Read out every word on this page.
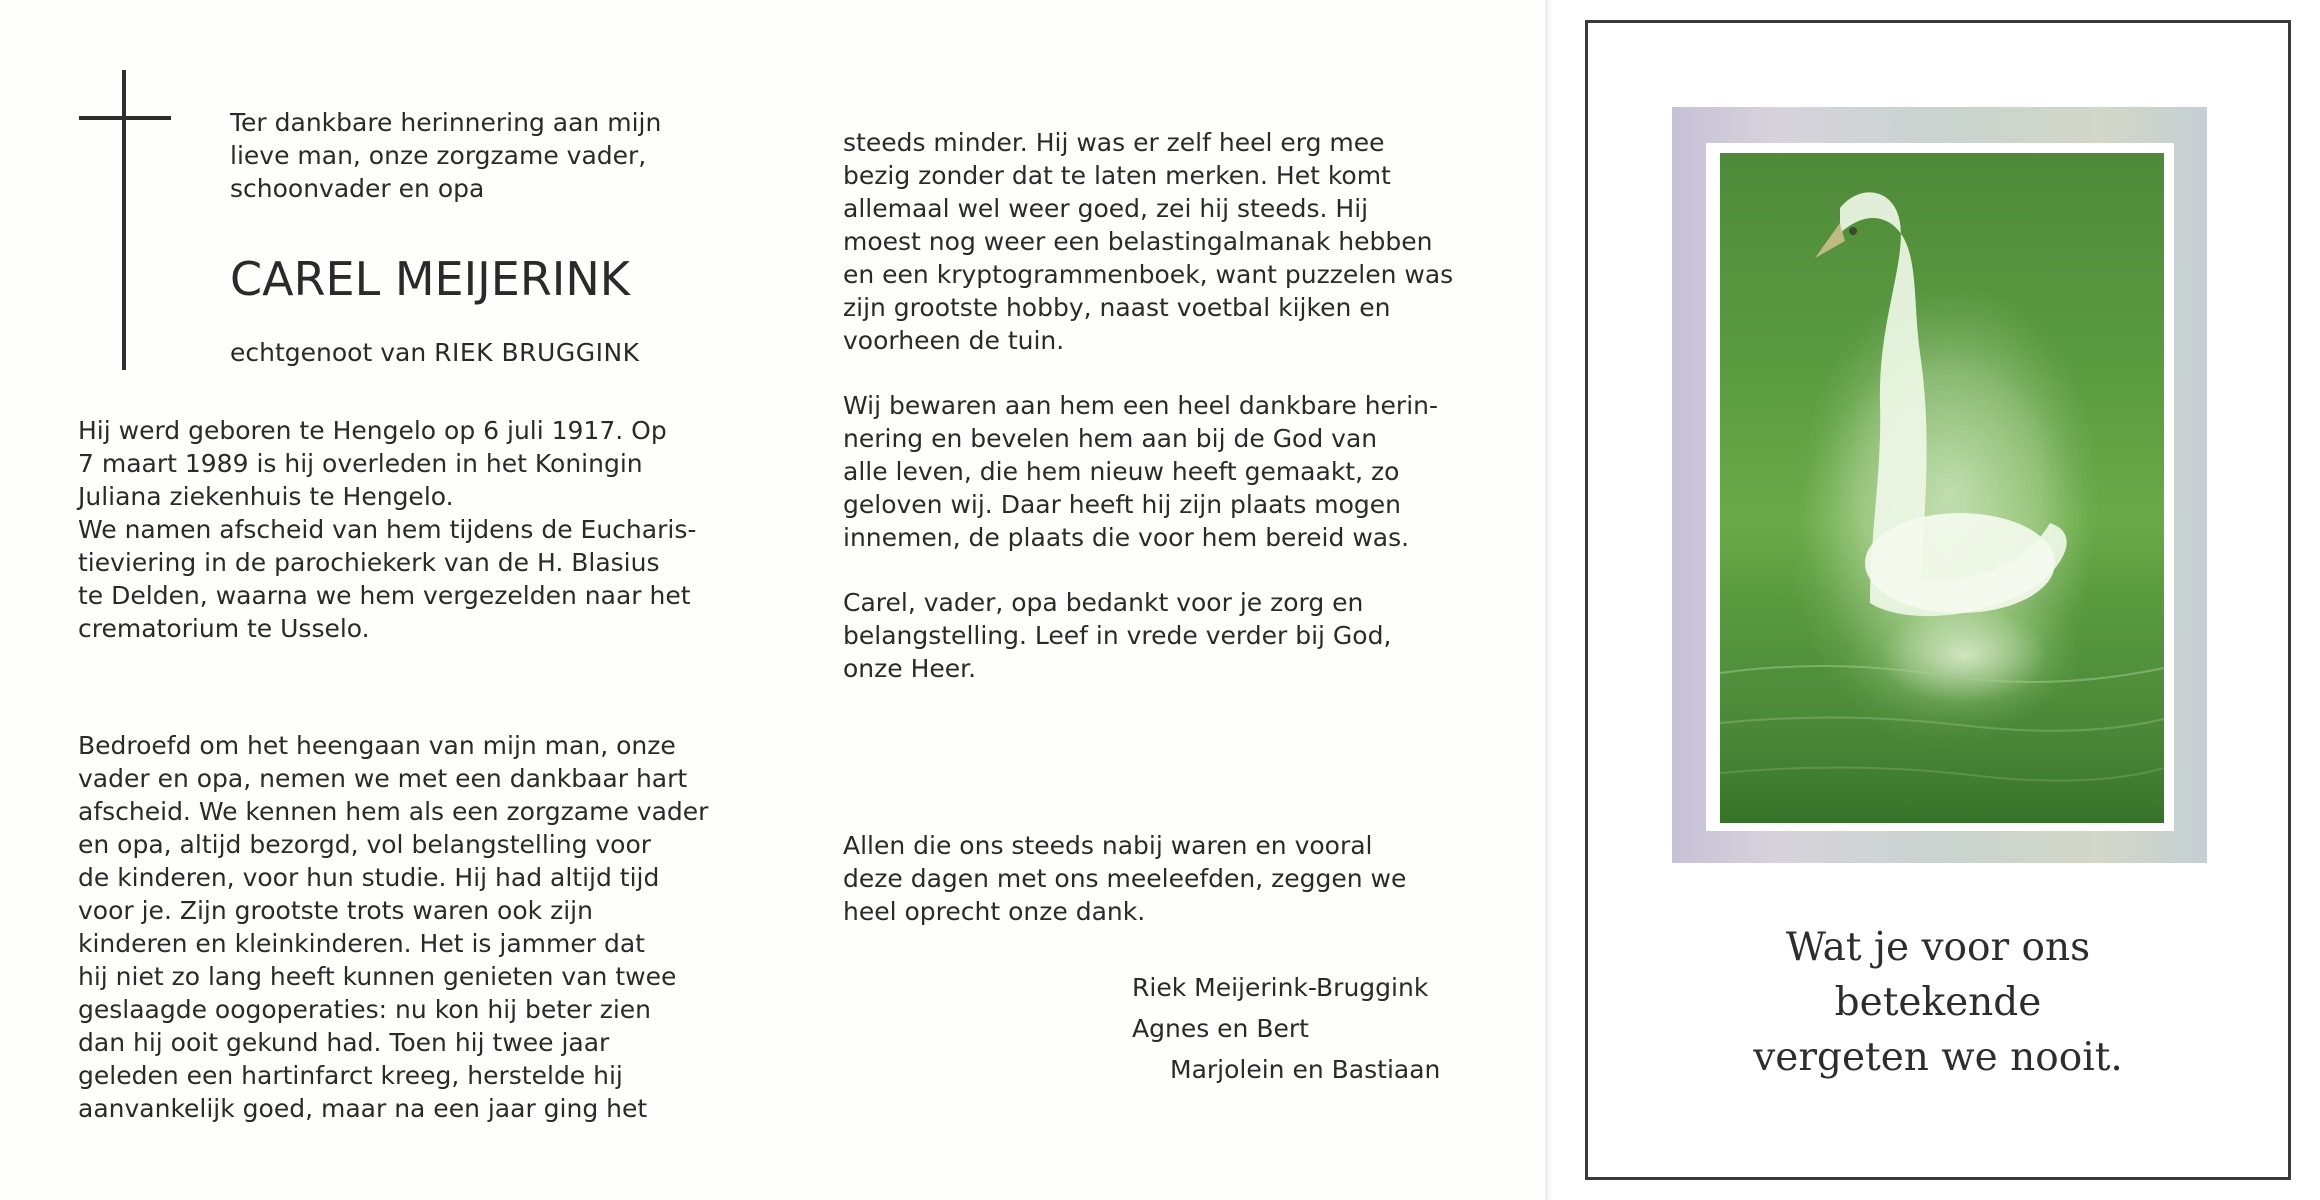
Ter dankbare herinnering aan mijn
lieve man, onze zorgzame vader,
schoonvader en opa
CAREL MEIJERINK
echtgenoot van RIEK BRUGGINK
Hij werd geboren te Hengelo op 6 juli 1917. Op
7 maart 1989 is hij overleden in het Koningin
Juliana ziekenhuis te Hengelo.
We namen afscheid van hem tijdens de Eucharis-
tieviering in de parochiekerk van de H. Blasius
te Delden, waarna we hem vergezelden naar het
crematorium te Usselo.
Bedroefd om het heengaan van mijn man, onze
vader en opa, nemen we met een dankbaar hart
afscheid. We kennen hem als een zorgzame vader
en opa, altijd bezorgd, vol belangstelling voor
de kinderen, voor hun studie. Hij had altijd tijd
voor je. Zijn grootste trots waren ook zijn
kinderen en kleinkinderen. Het is jammer dat
hij niet zo lang heeft kunnen genieten van twee
geslaagde oogoperaties: nu kon hij beter zien
dan hij ooit gekund had. Toen hij twee jaar
geleden een hartinfarct kreeg, herstelde hij
aanvankelijk goed, maar na een jaar ging het
steeds minder. Hij was er zelf heel erg mee
bezig zonder dat te laten merken. Het komt
allemaal wel weer goed, zei hij steeds. Hij
moest nog weer een belastingalmanak hebben
en een kryptogrammenboek, want puzzelen was
zijn grootste hobby, naast voetbal kijken en
voorheen de tuin.
Wij bewaren aan hem een heel dankbare herin-
nering en bevelen hem aan bij de God van
alle leven, die hem nieuw heeft gemaakt, zo
geloven wij. Daar heeft hij zijn plaats mogen
innemen, de plaats die voor hem bereid was.
Carel, vader, opa bedankt voor je zorg en
belangstelling. Leef in vrede verder bij God,
onze Heer.
Allen die ons steeds nabij waren en vooral
deze dagen met ons meeleefden, zeggen we
heel oprecht onze dank.
Riek Meijerink-Bruggink
Agnes en Bert
Marjolein en Bastiaan
Wat je voor ons
betekende
vergeten we nooit.
